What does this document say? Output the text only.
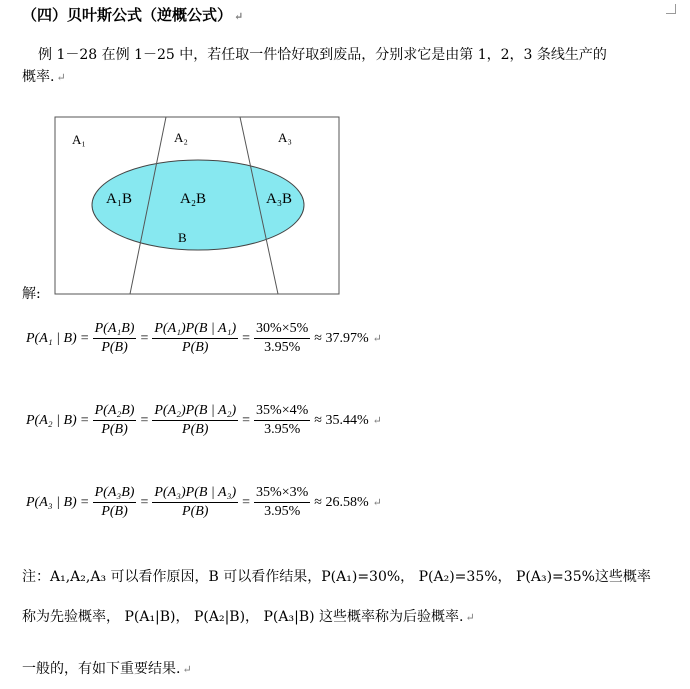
（四）贝叶斯公式（逆概公式） ↵
例 1－28 在例 1－25 中，若任取一件恰好取到废品，分别求它是由第 1，2，3 条线生产的
概率. ↵
A₁	A₂	A₃
A₁B	A₂B	A₃B
B
解:
P(A₁ | $B) = \frac{\text{P(A₁B)}}{P(B)} = \frac{\text{P(A₁)P(B | A₁)}}{P(B)} = \frac{30\%\times 5\%}{3.95\%} \approx 37.97\%$ ↵
P(A₂ | $B) = \frac{\text{P(A₂B)}}{P(B)} = \frac{\text{P(A₂)P(B | A₂)}}{P(B)} = \frac{35\%\times 4\%}{3.95\%} \approx 35.44\%$ ↵
P(A₃ | $B) = \frac{\text{P(A₃B)}}{P(B)} = \frac{\text{P(A₃)P(B | A₃)}}{P(B)} = \frac{35\%\times 3\%}{3.95\%} \approx 26.58\%$ ↵
注：A₁,A₂,A₃ 可以看作原因，B 可以看作结果，P(A₁)=30%， P(A₂)=35%， P(A₃)=35%这些概率
称为先验概率， P(A₁|B)， P(A₂|B)， P(A₃|B) 这些概率称为后验概率. ↵
一般的，有如下重要结果. ↵
